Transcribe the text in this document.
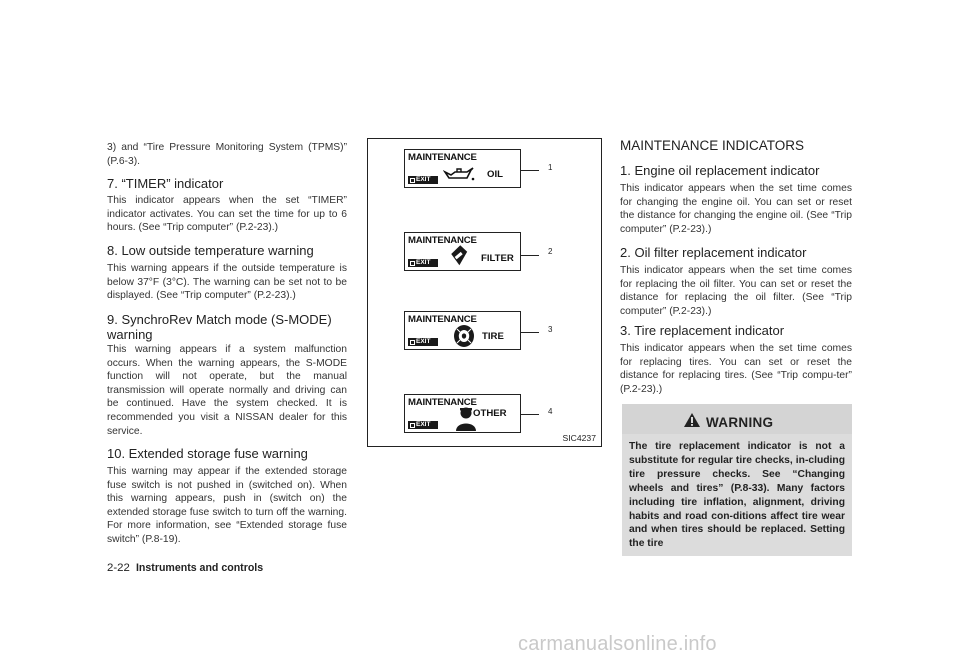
3) and “Tire Pressure Monitoring System (TPMS)” (P.6-3).

7. “TIMER” indicator

This indicator appears when the set “TIMER” indicator activates. You can set the time for up to 6 hours. (See “Trip computer” (P.2-23).)

8. Low outside temperature warning

This warning appears if the outside temperature is below 37°F (3°C). The warning can be set not to be displayed. (See “Trip computer” (P.2-23).)

9. SynchroRev Match mode (S-MODE) warning

This warning appears if a system malfunction occurs. When the warning appears, the S-MODE function will not operate, but the manual transmission will operate normally and driving can be continued. Have the system checked. It is recommended you visit a NISSAN dealer for this service.

10. Extended storage fuse warning

This warning may appear if the extended storage fuse switch is not pushed in (switched on). When this warning appears, push in (switch on) the extended storage fuse switch to turn off the warning. For more information, see “Extended storage fuse switch” (P.8-19).

MAINTENANCE
EXIT	OIL
1
MAINTENANCE
EXIT	FILTER
2
MAINTENANCE
EXIT	TIRE
3
MAINTENANCE
EXIT
OTHER	4
SIC4237
MAINTENANCE INDICATORS
1. Engine oil replacement indicator

This indicator appears when the set time comes for changing the engine oil. You can set or reset the distance for changing the engine oil. (See “Trip computer” (P.2-23).)

2. Oil filter replacement indicator

This indicator appears when the set time comes for replacing the oil filter. You can set or reset the distance for replacing the oil filter. (See “Trip computer” (P.2-23).)

3. Tire replacement indicator

This indicator appears when the set time comes for replacing tires. You can set or reset the distance for replacing tires. (See “Trip compu-ter” (P.2-23).)

WARNING

The tire replacement indicator is not a substitute for regular tire checks, in-cluding tire pressure checks. See “Changing wheels and tires” (P.8-33). Many factors including tire inflation, alignment, driving habits and road con-ditions affect tire wear and when tires should be replaced. Setting the tire

2-22 Instruments and controls
carmanualsonline.info
